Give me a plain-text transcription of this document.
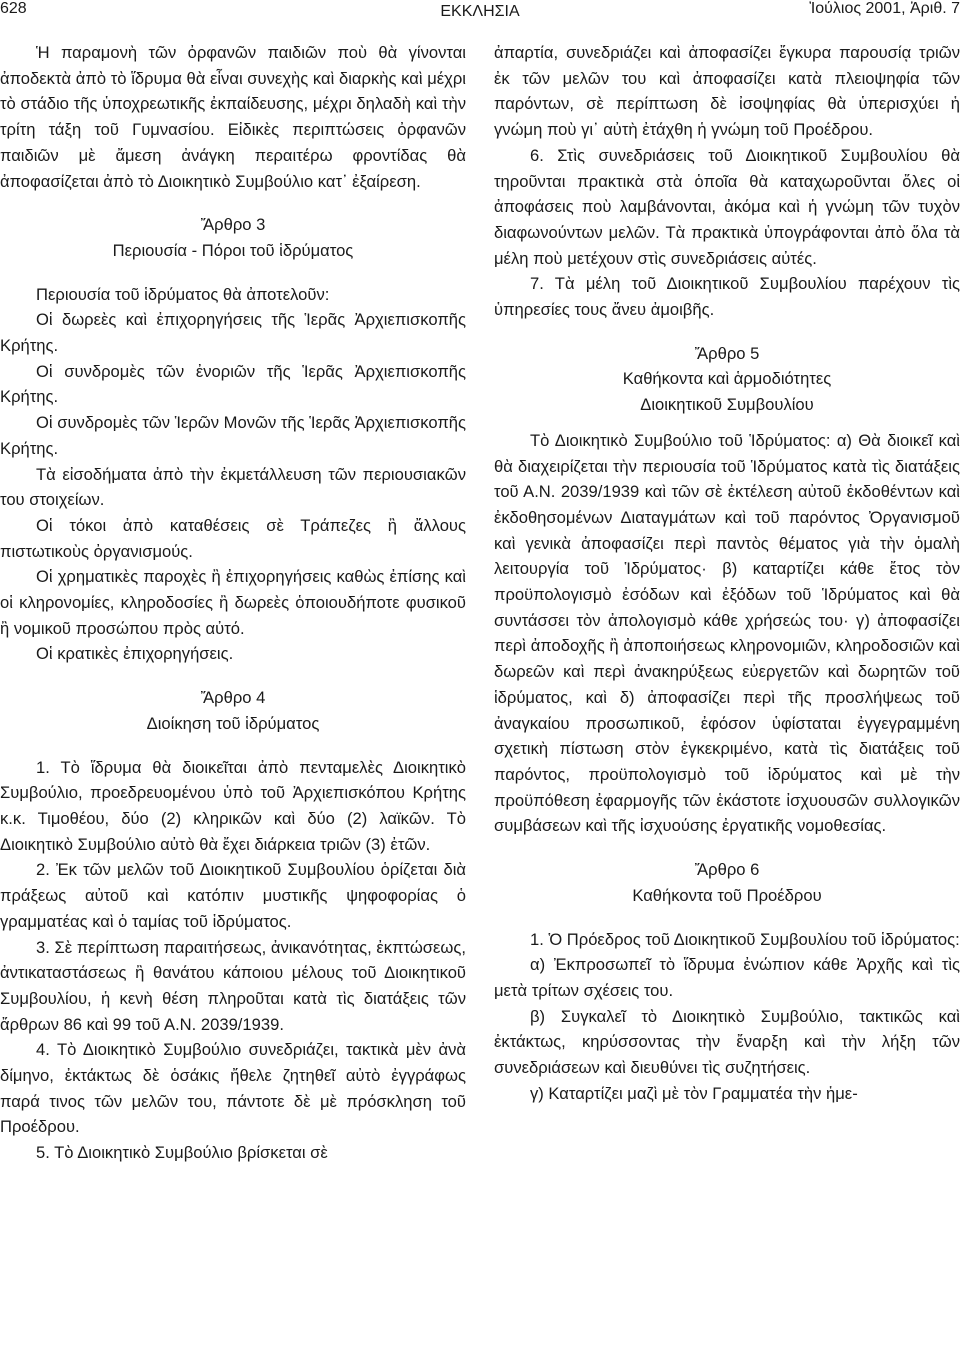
628	ΕΚΚΛΗΣΙΑ	Ἰούλιος 2001, Ἀριθ. 7

Ἡ παραμονὴ τῶν ὀρφανῶν παιδιῶν ποὺ θὰ γίνονται ἀποδεκτὰ ἀπὸ τὸ ἵδρυμα θὰ εἶναι συνεχὴς καὶ διαρκὴς καὶ μέχρι τὸ στάδιο τῆς ὑποχρεωτικῆς ἐκπαίδευσης, μέχρι δηλαδὴ καὶ τὴν τρίτη τάξη τοῦ Γυμνασίου. Εἰδικὲς περιπτώσεις ὀρφανῶν παιδιῶν μὲ ἄμεση ἀνάγκη περαιτέρω φροντίδας θὰ ἀποφασίζεται ἀπὸ τὸ Διοικητικὸ Συμβούλιο κατ᾿ ἐξαίρεση.

Ἄρθρο 3
Περιουσία - Πόροι τοῦ ἱδρύματος

Περιουσία τοῦ ἱδρύματος θὰ ἀποτελοῦν:

Οἱ δωρεὲς καὶ ἐπιχορηγήσεις τῆς Ἱερᾶς Ἀρχιεπισκοπῆς Κρήτης.

Οἱ συνδρομὲς τῶν ἐνοριῶν τῆς Ἱερᾶς Ἀρχιεπισκοπῆς Κρήτης.

Οἱ συνδρομὲς τῶν Ἱερῶν Μονῶν τῆς Ἱερᾶς Ἀρχιεπισκοπῆς Κρήτης.

Τὰ εἰσοδήματα ἀπὸ τὴν ἐκμετάλλευση τῶν περιουσιακῶν του στοιχείων.

Οἱ τόκοι ἀπὸ καταθέσεις σὲ Τράπεζες ἢ ἄλλους πιστωτικοὺς ὀργανισμούς.

Οἱ χρηματικὲς παροχὲς ἢ ἐπιχορηγήσεις καθὼς ἐπίσης καὶ οἱ κληρονομίες, κληροδοσίες ἢ δωρεὲς ὁποιουδήποτε φυσικοῦ ἢ νομικοῦ προσώπου πρὸς αὐτό.

Οἱ κρατικὲς ἐπιχορηγήσεις.

Ἄρθρο 4
Διοίκηση τοῦ ἱδρύματος

1. Τὸ ἵδρυμα θὰ διοικεῖται ἀπὸ πενταμελὲς Διοικητικὸ Συμβούλιο, προεδρευομένου ὑπὸ τοῦ Ἀρχιεπισκόπου Κρήτης κ.κ. Τιμοθέου, δύο (2) κληρικῶν καὶ δύο (2) λαϊκῶν. Τὸ Διοικητικὸ Συμβούλιο αὐτὸ θὰ ἔχει διάρκεια τριῶν (3) ἐτῶν.

2. Ἐκ τῶν μελῶν τοῦ Διοικητικοῦ Συμβουλίου ὁρίζεται διὰ πράξεως αὐτοῦ καὶ κατόπιν μυστικῆς ψηφοφορίας ὁ γραμματέας καὶ ὁ ταμίας τοῦ ἱδρύματος.

3. Σὲ περίπτωση παραιτήσεως, ἀνικανότητας, ἐκπτώσεως, ἀντικαταστάσεως ἢ θανάτου κάποιου μέλους τοῦ Διοικητικοῦ Συμβουλίου, ἡ κενὴ θέση πληροῦται κατὰ τὶς διατάξεις τῶν ἄρθρων 86 καὶ 99 τοῦ Α.Ν. 2039/1939.

4. Τὸ Διοικητικὸ Συμβούλιο συνεδριάζει, τακτικὰ μὲν ἀνὰ δίμηνο, ἐκτάκτως δὲ ὁσάκις ἤθελε ζητηθεῖ αὐτὸ ἐγγράφως παρά τινος τῶν μελῶν του, πάντοτε δὲ μὲ πρόσκληση τοῦ Προέδρου.

5. Τὸ Διοικητικὸ Συμβούλιο βρίσκεται σὲ

ἀπαρτία, συνεδριάζει καὶ ἀποφασίζει ἔγκυρα παρουσίᾳ τριῶν ἐκ τῶν μελῶν του καὶ ἀποφασίζει κατὰ πλειοψηφία τῶν παρόντων, σὲ περίπτωση δὲ ἰσοψηφίας θὰ ὑπερισχύει ἡ γνώμη ποὺ γι᾿ αὐτὴ ἐτάχθη ἡ γνώμη τοῦ Προέδρου.

6. Στὶς συνεδριάσεις τοῦ Διοικητικοῦ Συμβουλίου θὰ τηροῦνται πρακτικὰ στὰ ὁποῖα θὰ καταχωροῦνται ὅλες οἱ ἀποφάσεις ποὺ λαμβάνονται, ἀκόμα καὶ ἡ γνώμη τῶν τυχὸν διαφωνούντων μελῶν. Τὰ πρακτικὰ ὑπογράφονται ἀπὸ ὅλα τὰ μέλη ποὺ μετέχουν στὶς συνεδριάσεις αὐτές.

7. Τὰ μέλη τοῦ Διοικητικοῦ Συμβουλίου παρέχουν τὶς ὑπηρεσίες τους ἄνευ ἀμοιβῆς.

Ἄρθρο 5
Καθήκοντα καὶ ἁρμοδιότητες
Διοικητικοῦ Συμβουλίου

Τὸ Διοικητικὸ Συμβούλιο τοῦ Ἱδρύματος: α) Θὰ διοικεῖ καὶ θὰ διαχειρίζεται τὴν περιουσία τοῦ Ἱδρύματος κατὰ τὶς διατάξεις τοῦ Α.Ν. 2039/1939 καὶ τῶν σὲ ἐκτέλεση αὐτοῦ ἐκδοθέντων καὶ ἐκδοθησομένων Διαταγμάτων καὶ τοῦ παρόντος Ὀργανισμοῦ καὶ γενικὰ ἀποφασίζει περὶ παντὸς θέματος γιὰ τὴν ὁμαλὴ λειτουργία τοῦ Ἱδρύματος· β) καταρτίζει κάθε ἔτος τὸν προϋπολογισμὸ ἐσόδων καὶ ἐξόδων τοῦ Ἱδρύματος καὶ θὰ συντάσσει τὸν ἀπολογισμὸ κάθε χρήσεώς του· γ) ἀποφασίζει περὶ ἀποδοχῆς ἢ ἀποποιήσεως κληρονομιῶν, κληροδοσιῶν καὶ δωρεῶν καὶ περὶ ἀνακηρύξεως εὐεργετῶν καὶ δωρητῶν τοῦ ἱδρύματος, καὶ δ) ἀποφασίζει περὶ τῆς προσλήψεως τοῦ ἀναγκαίου προσωπικοῦ, ἐφόσον ὑφίσταται ἐγγεγραμμένη σχετικὴ πίστωση στὸν ἐγκεκριμένο, κατὰ τὶς διατάξεις τοῦ παρόντος, προϋπολογισμὸ τοῦ ἱδρύματος καὶ μὲ τὴν προϋπόθεση ἐφαρμογῆς τῶν ἑκάστοτε ἰσχυουσῶν συλλογικῶν συμβάσεων καὶ τῆς ἰσχυούσης ἐργατικῆς νομοθεσίας.

Ἄρθρο 6
Καθήκοντα τοῦ Προέδρου

1. Ὁ Πρόεδρος τοῦ Διοικητικοῦ Συμβουλίου τοῦ ἱδρύματος:

α) Ἐκπροσωπεῖ τὸ ἵδρυμα ἐνώπιον κάθε Ἀρχῆς καὶ τὶς μετὰ τρίτων σχέσεις του.

β) Συγκαλεῖ τὸ Διοικητικὸ Συμβούλιο, τακτικῶς καὶ ἐκτάκτως, κηρύσσοντας τὴν ἔναρξη καὶ τὴν λήξη τῶν συνεδριάσεων καὶ διευθύνει τὶς συζητήσεις.

γ) Καταρτίζει μαζὶ μὲ τὸν Γραμματέα τὴν ἡμε-
